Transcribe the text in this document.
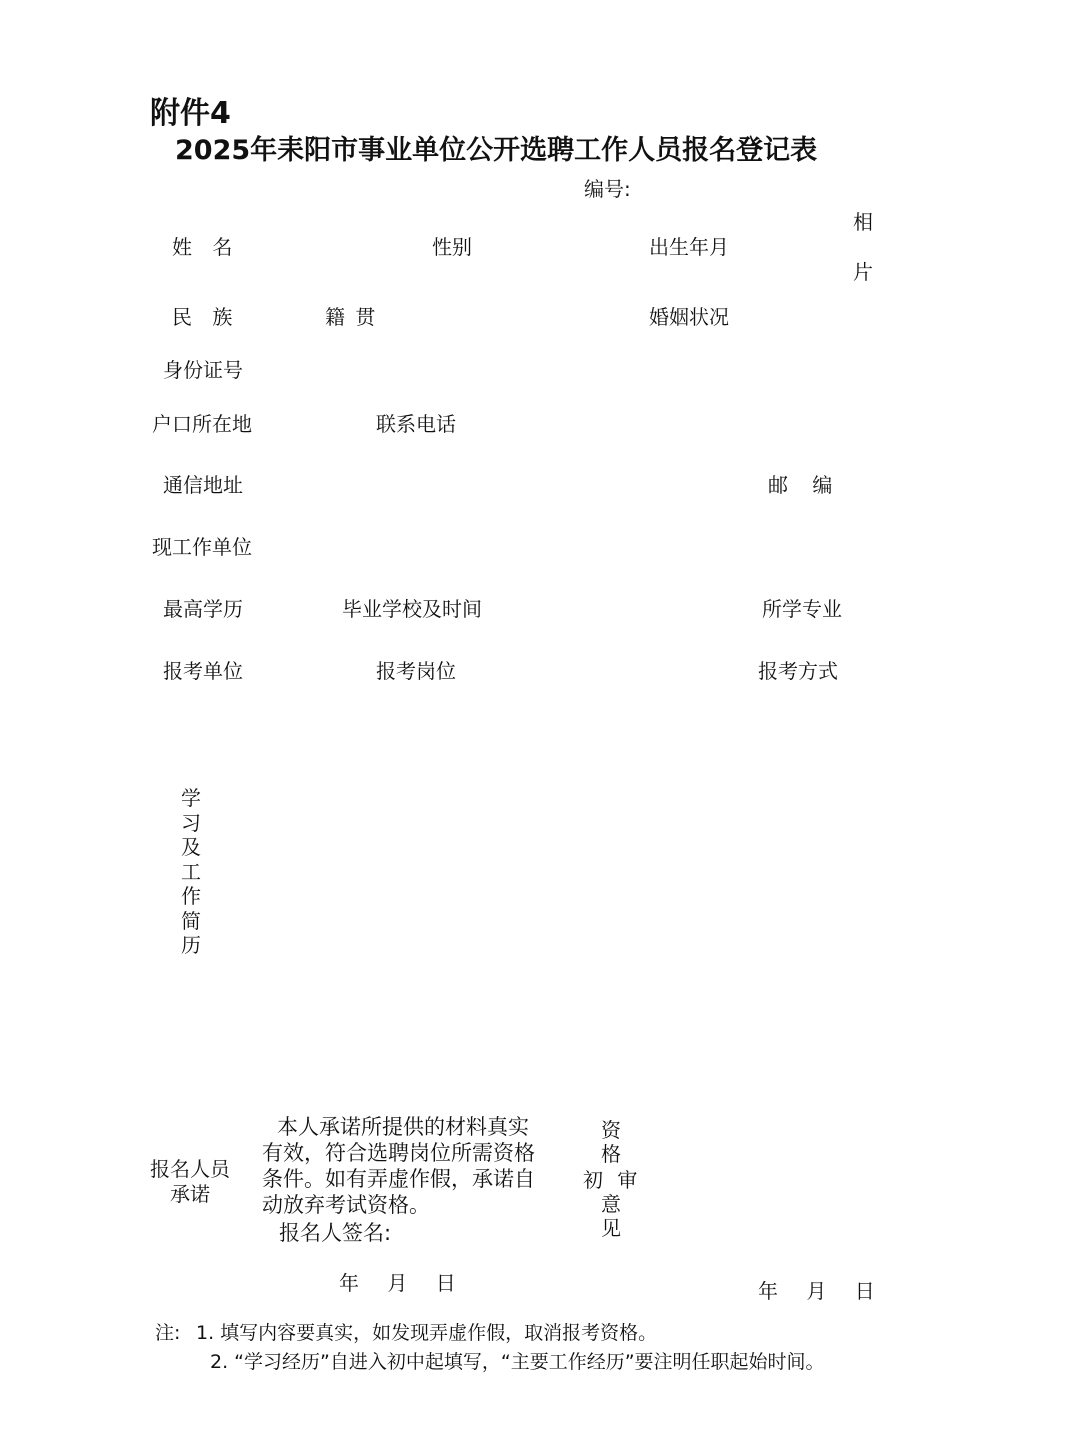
附件4
2025年耒阳市事业单位公开选聘工作人员报名登记表
编号:
姓 名	性别	出生年月
相
片
民 族	籍 贯	婚姻状况
身份证号
户口所在地	联系电话
通信地址	邮 编
现工作单位
最高学历	毕业学校及时间	所学专业
报考单位	报考岗位	报考方式
学习及工作简历
报名人员
承诺
本人承诺所提供的材料真实
有效，符合选聘岗位所需资格
条件。如有弄虚作假，承诺自
动放弃考试资格。
报名人签名:
年 月 日
资格
初 审
意见
年 月 日
注: 1. 填写内容要真实，如发现弄虚作假，取消报考资格。
2. “学习经历”自进入初中起填写，“主要工作经历”要注明任职起始时间。
